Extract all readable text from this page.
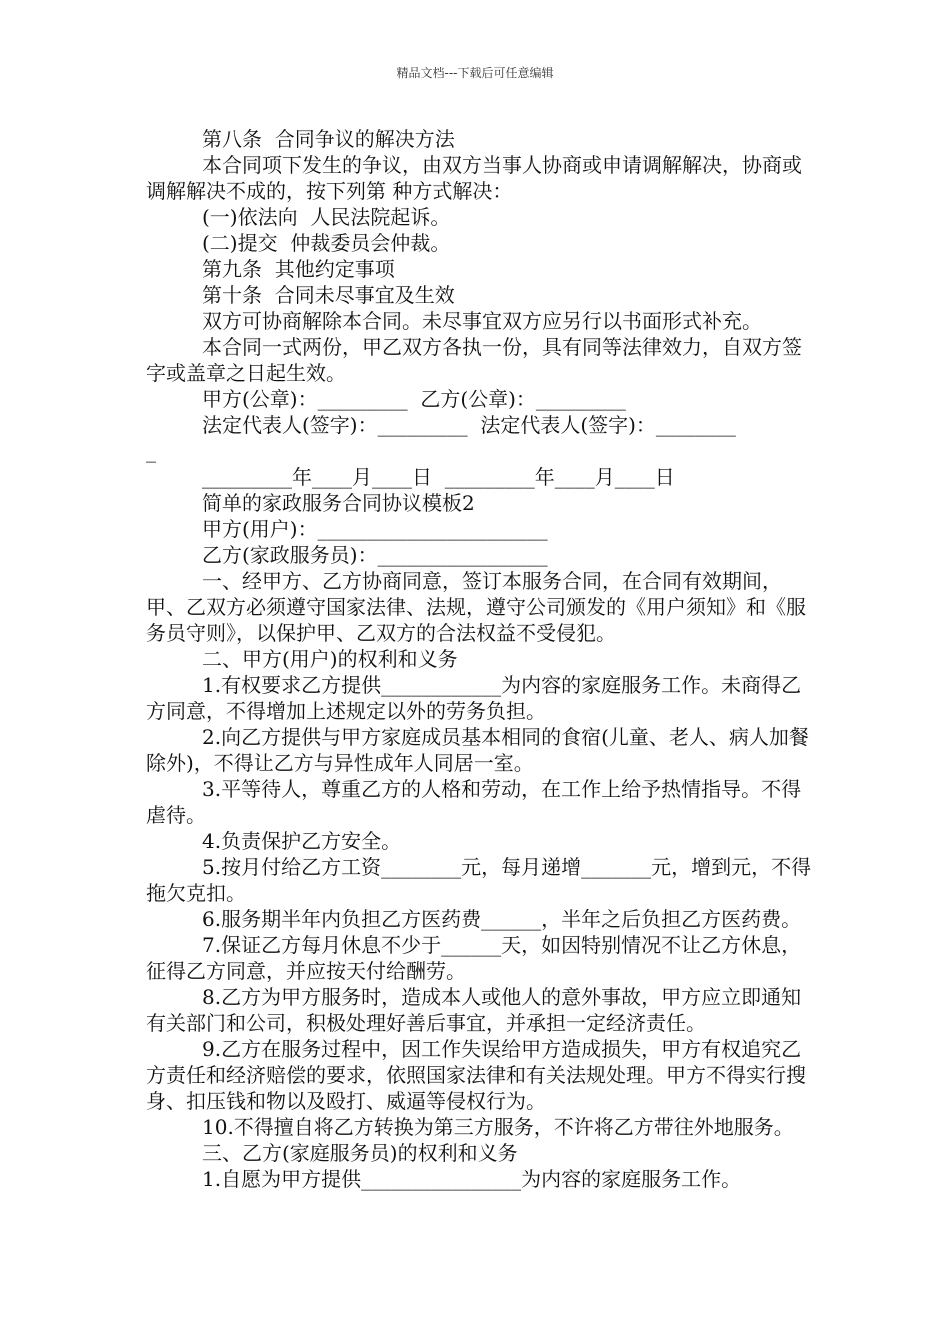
精品文档---下载后可任意编辑
第八条  合同争议的解决方法
本合同项下发生的争议，由双方当事人协商或申请调解解决，协商或调解解决不成的，按下列第 种方式解决：
(一)依法向  人民法院起诉。
(二)提交  仲裁委员会仲裁。
第九条  其他约定事项
第十条  合同未尽事宜及生效
双方可协商解除本合同。未尽事宜双方应另行以书面形式补充。
本合同一式两份，甲乙双方各执一份，具有同等法律效力，自双方签字或盖章之日起生效。
甲方(公章)：_________  乙方(公章)：_________
法定代表人(签字)：_________  法定代表人(签字)：________
_
_________年____月____日  _________年____月____日
简单的家政服务合同协议模板2
甲方(用户)：_______________________
乙方(家政服务员)：_________________
一、经甲方、乙方协商同意，签订本服务合同，在合同有效期间，甲、乙双方必须遵守国家法律、法规，遵守公司颁发的《用户须知》和《服务员守则》，以保护甲、乙双方的合法权益不受侵犯。
二、甲方(用户)的权利和义务
1.有权要求乙方提供____________为内容的家庭服务工作。未商得乙方同意，不得增加上述规定以外的劳务负担。
2.向乙方提供与甲方家庭成员基本相同的食宿(儿童、老人、病人加餐除外)，不得让乙方与异性成年人同居一室。
3.平等待人，尊重乙方的人格和劳动，在工作上给予热情指导。不得虐待。
4.负责保护乙方安全。
5.按月付给乙方工资________元，每月递增_______元，增到元，不得拖欠克扣。
6.服务期半年内负担乙方医药费______，半年之后负担乙方医药费。
7.保证乙方每月休息不少于______天，如因特别情况不让乙方休息，征得乙方同意，并应按天付给酬劳。
8.乙方为甲方服务时，造成本人或他人的意外事故，甲方应立即通知有关部门和公司，积极处理好善后事宜，并承担一定经济责任。
9.乙方在服务过程中，因工作失误给甲方造成损失，甲方有权追究乙方责任和经济赔偿的要求，依照国家法律和有关法规处理。甲方不得实行搜身、扣压钱和物以及殴打、威逼等侵权行为。
10.不得擅自将乙方转换为第三方服务，不许将乙方带往外地服务。
三、乙方(家庭服务员)的权利和义务
1.自愿为甲方提供________________为内容的家庭服务工作。
